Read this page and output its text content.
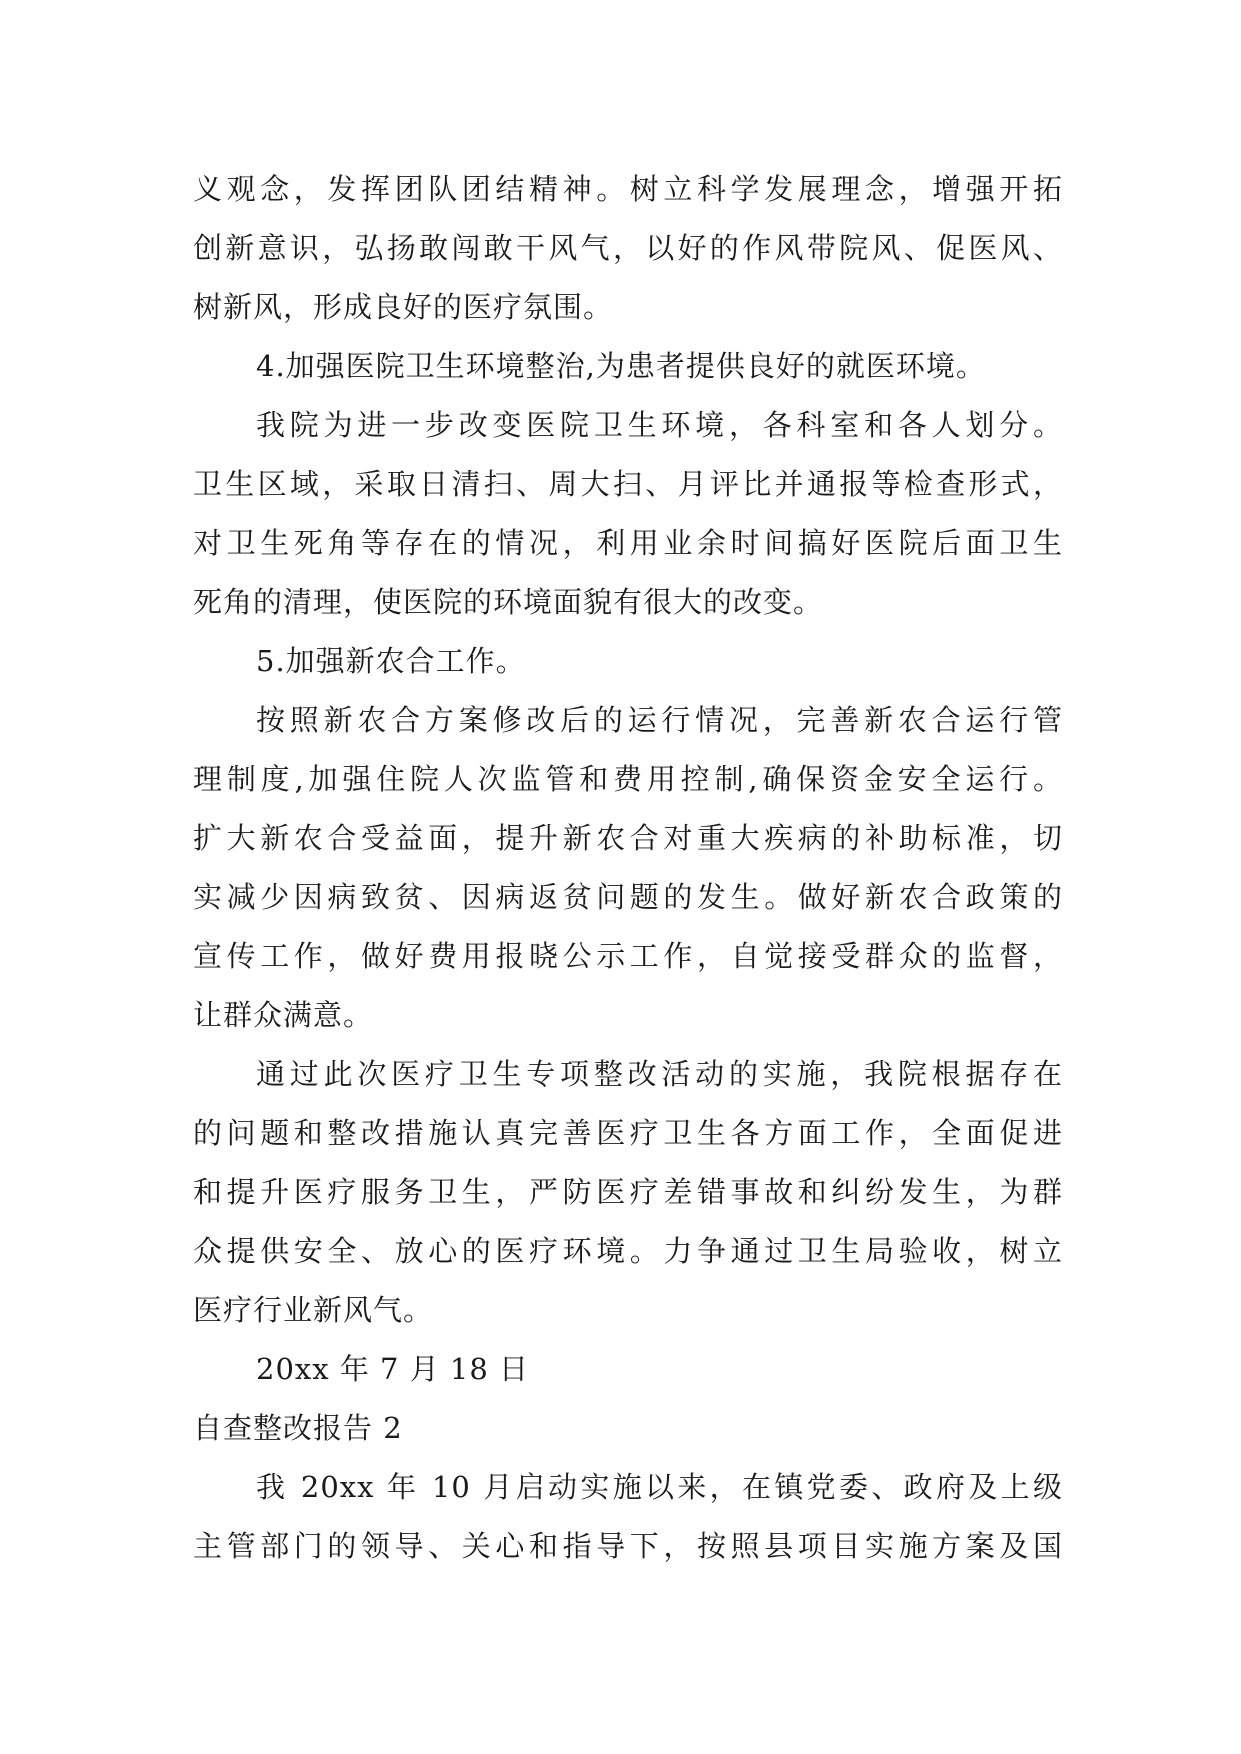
义观念，发挥团队团结精神。树立科学发展理念，增强开拓
创新意识，弘扬敢闯敢干风气，以好的作风带院风、促医风、
树新风，形成良好的医疗氛围。
4.加强医院卫生环境整治,为患者提供良好的就医环境。
我院为进一步改变医院卫生环境，各科室和各人划分。
卫生区域，采取日清扫、周大扫、月评比并通报等检查形式，
对卫生死角等存在的情况，利用业余时间搞好医院后面卫生
死角的清理，使医院的环境面貌有很大的改变。
5.加强新农合工作。
按照新农合方案修改后的运行情况，完善新农合运行管
理制度,加强住院人次监管和费用控制,确保资金安全运行。
扩大新农合受益面，提升新农合对重大疾病的补助标准，切
实减少因病致贫、因病返贫问题的发生。做好新农合政策的
宣传工作，做好费用报晓公示工作，自觉接受群众的监督，
让群众满意。
通过此次医疗卫生专项整改活动的实施，我院根据存在
的问题和整改措施认真完善医疗卫生各方面工作，全面促进
和提升医疗服务卫生，严防医疗差错事故和纠纷发生，为群
众提供安全、放心的医疗环境。力争通过卫生局验收，树立
医疗行业新风气。
20xx 年 7 月 18 日
自查整改报告 2
我 20xx 年 10 月启动实施以来，在镇党委、政府及上级
主管部门的领导、关心和指导下，按照县项目实施方案及国
